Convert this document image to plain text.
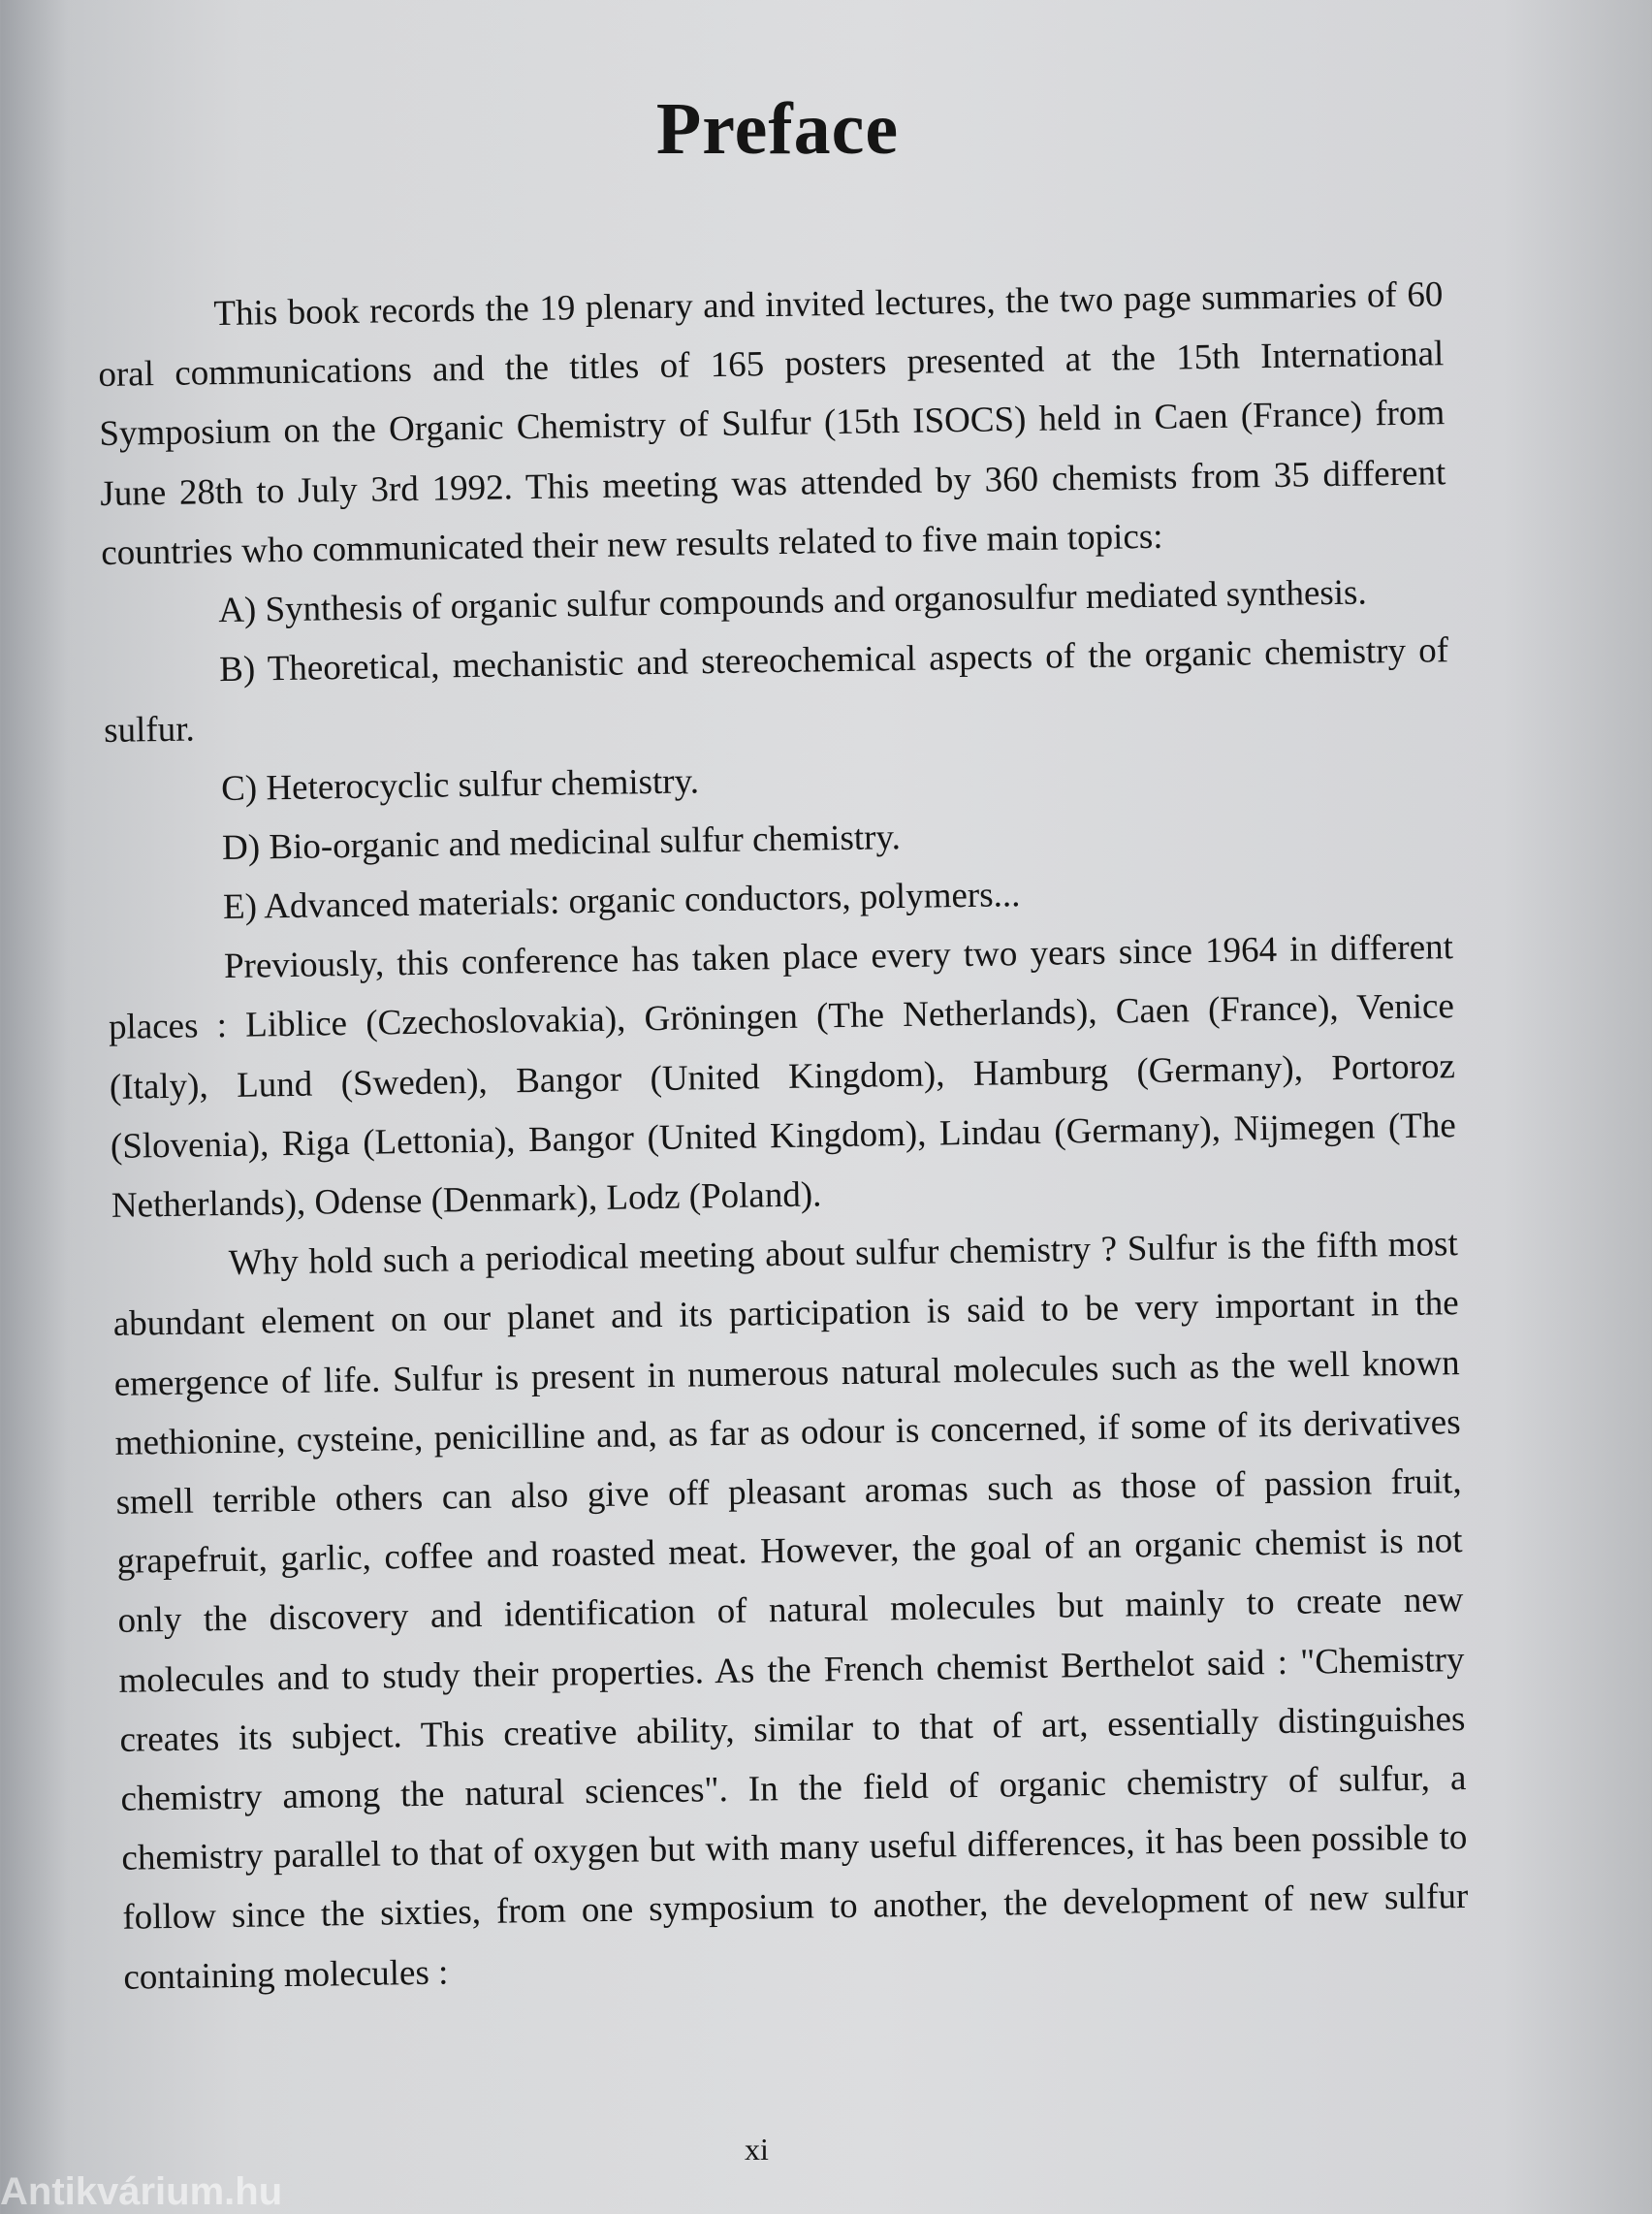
Preface

This book records the 19 plenary and invited lectures, the two page summaries of 60 oral communications and the titles of 165 posters presented at the 15th International Symposium on the Organic Chemistry of Sulfur (15th ISOCS) held in Caen (France) from June 28th to July 3rd 1992. This meeting was attended by 360 chemists from 35 different countries who communicated their new results related to five main topics:

A) Synthesis of organic sulfur compounds and organosulfur mediated synthesis.

B) Theoretical, mechanistic and stereochemical aspects of the organic chemistry of sulfur.

C) Heterocyclic sulfur chemistry.

D) Bio-organic and medicinal sulfur chemistry.

E) Advanced materials: organic conductors, polymers...

Previously, this conference has taken place every two years since 1964 in different places : Liblice (Czechoslovakia), Gröningen (The Netherlands), Caen (France), Venice (Italy), Lund (Sweden), Bangor (United Kingdom), Hamburg (Germany), Portoroz (Slovenia), Riga (Lettonia), Bangor (United Kingdom), Lindau (Germany), Nijmegen (The Netherlands), Odense (Denmark), Lodz (Poland).

Why hold such a periodical meeting about sulfur chemistry ? Sulfur is the fifth most abundant element on our planet and its participation is said to be very important in the emergence of life. Sulfur is present in numerous natural molecules such as the well known methionine, cysteine, penicilline and, as far as odour is concerned, if some of its derivatives smell terrible others can also give off pleasant aromas such as those of passion fruit, grapefruit, garlic, coffee and roasted meat. However, the goal of an organic chemist is not only the discovery and identification of natural molecules but mainly to create new molecules and to study their properties. As the French chemist Berthelot said : "Chemistry creates its subject. This creative ability, similar to that of art, essentially distinguishes chemistry among the natural sciences". In the field of organic chemistry of sulfur, a chemistry parallel to that of oxygen but with many useful differences, it has been possible to follow since the sixties, from one symposium to another, the development of new sulfur containing molecules :

xi

Antikvárium.hu
